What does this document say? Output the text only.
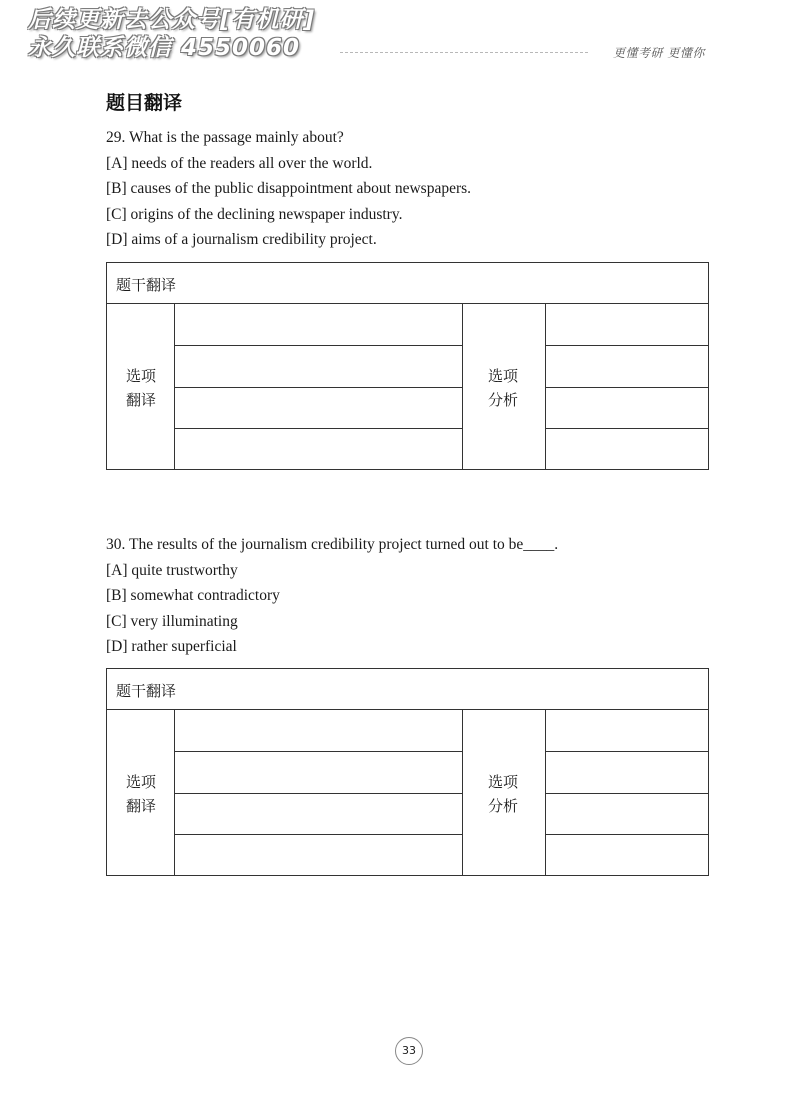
后续更新去公众号[有机研]
永久联系微信 4550060	更懂考研 更懂你
题目翻译
29. What is the passage mainly about?
[A] needs of the readers all over the world.
[B] causes of the public disappointment about newspapers.
[C] origins of the declining newspaper industry.
[D] aims of a journalism credibility project.
题干翻译
选项
翻译
选项
分析
30. The results of the journalism credibility project turned out to be____.
[A] quite trustworthy
[B] somewhat contradictory
[C] very illuminating
[D] rather superficial
题干翻译
选项
翻译
选项
分析
33
